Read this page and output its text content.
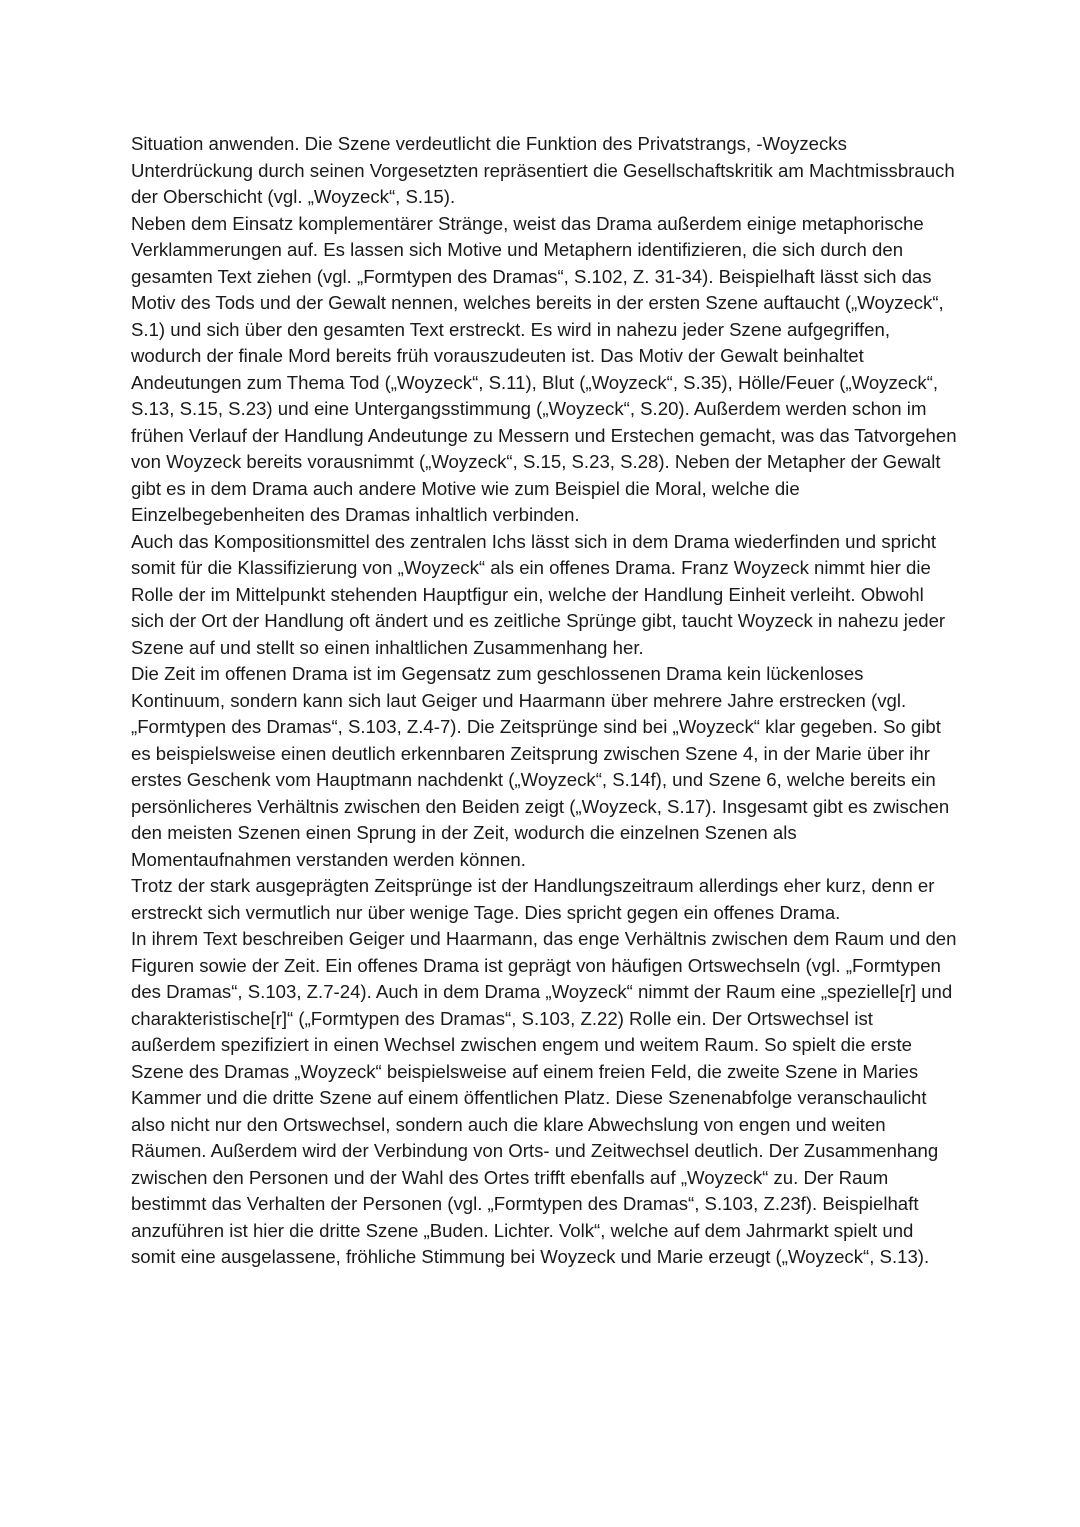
Situation anwenden. Die Szene verdeutlicht die Funktion des Privatstrangs, -Woyzecks Unterdrückung durch seinen Vorgesetzten repräsentiert die Gesellschaftskritik am Machtmissbrauch der Oberschicht (vgl. „Woyzeck“, S.15).

Neben dem Einsatz komplementärer Stränge, weist das Drama außerdem einige metaphorische Verklammerungen auf. Es lassen sich Motive und Metaphern identifizieren, die sich durch den gesamten Text ziehen (vgl. „Formtypen des Dramas“, S.102, Z. 31-34). Beispielhaft lässt sich das Motiv des Tods und der Gewalt nennen, welches bereits in der ersten Szene auftaucht („Woyzeck“, S.1) und sich über den gesamten Text erstreckt. Es wird in nahezu jeder Szene aufgegriffen, wodurch der finale Mord bereits früh vorauszudeuten ist. Das Motiv der Gewalt beinhaltet Andeutungen zum Thema Tod („Woyzeck“, S.11), Blut („Woyzeck“, S.35), Hölle/Feuer („Woyzeck“, S.13, S.15, S.23) und eine Untergangsstimmung („Woyzeck“, S.20). Außerdem werden schon im frühen Verlauf der Handlung Andeutunge zu Messern und Erstechen gemacht, was das Tatvorgehen von Woyzeck bereits vorausnimmt („Woyzeck“, S.15, S.23, S.28). Neben der Metapher der Gewalt gibt es in dem Drama auch andere Motive wie zum Beispiel die Moral, welche die Einzelbegebenheiten des Dramas inhaltlich verbinden.

Auch das Kompositionsmittel des zentralen Ichs lässt sich in dem Drama wiederfinden und spricht somit für die Klassifizierung von „Woyzeck“ als ein offenes Drama. Franz Woyzeck nimmt hier die Rolle der im Mittelpunkt stehenden Hauptfigur ein, welche der Handlung Einheit verleiht. Obwohl sich der Ort der Handlung oft ändert und es zeitliche Sprünge gibt, taucht Woyzeck in nahezu jeder Szene auf und stellt so einen inhaltlichen Zusammenhang her.

Die Zeit im offenen Drama ist im Gegensatz zum geschlossenen Drama kein lückenloses Kontinuum, sondern kann sich laut Geiger und Haarmann über mehrere Jahre erstrecken (vgl. „Formtypen des Dramas“, S.103, Z.4-7). Die Zeitsprünge sind bei „Woyzeck“ klar gegeben. So gibt es beispielsweise einen deutlich erkennbaren Zeitsprung zwischen Szene 4, in der Marie über ihr erstes Geschenk vom Hauptmann nachdenkt („Woyzeck“, S.14f), und Szene 6, welche bereits ein persönlicheres Verhältnis zwischen den Beiden zeigt („Woyzeck, S.17). Insgesamt gibt es zwischen den meisten Szenen einen Sprung in der Zeit, wodurch die einzelnen Szenen als Momentaufnahmen verstanden werden können.

Trotz der stark ausgeprägten Zeitsprünge ist der Handlungszeitraum allerdings eher kurz, denn er erstreckt sich vermutlich nur über wenige Tage. Dies spricht gegen ein offenes Drama.

In ihrem Text beschreiben Geiger und Haarmann, das enge Verhältnis zwischen dem Raum und den Figuren sowie der Zeit. Ein offenes Drama ist geprägt von häufigen Ortswechseln (vgl. „Formtypen des Dramas“, S.103, Z.7-24). Auch in dem Drama „Woyzeck“ nimmt der Raum eine „spezielle[r] und charakteristische[r]“ („Formtypen des Dramas“, S.103, Z.22) Rolle ein. Der Ortswechsel ist außerdem spezifiziert in einen Wechsel zwischen engem und weitem Raum. So spielt die erste Szene des Dramas „Woyzeck“ beispielsweise auf einem freien Feld, die zweite Szene in Maries Kammer und die dritte Szene auf einem öffentlichen Platz. Diese Szenenabfolge veranschaulicht also nicht nur den Ortswechsel, sondern auch die klare Abwechslung von engen und weiten Räumen. Außerdem wird der Verbindung von Orts- und Zeitwechsel deutlich. Der Zusammenhang zwischen den Personen und der Wahl des Ortes trifft ebenfalls auf „Woyzeck“ zu. Der Raum bestimmt das Verhalten der Personen (vgl. „Formtypen des Dramas“, S.103, Z.23f). Beispielhaft anzuführen ist hier die dritte Szene „Buden. Lichter. Volk“, welche auf dem Jahrmarkt spielt und somit eine ausgelassene, fröhliche Stimmung bei Woyzeck und Marie erzeugt („Woyzeck“, S.13).
